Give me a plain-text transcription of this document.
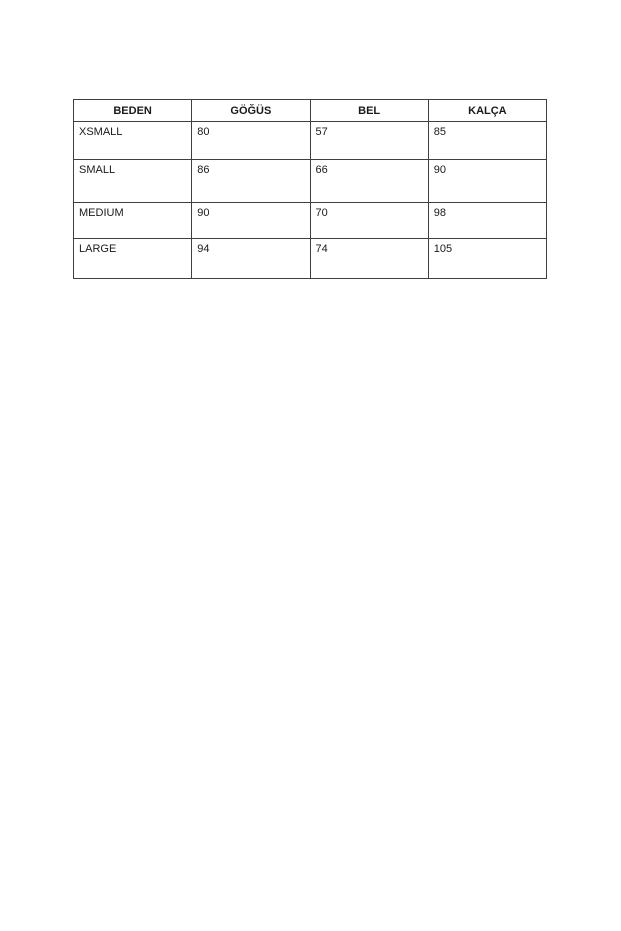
BEDEN	GÖĞÜS	BEL	KALÇA
XSMALL	80	57	85
SMALL	86	66	90
MEDIUM	90	70	98
LARGE	94	74	105
